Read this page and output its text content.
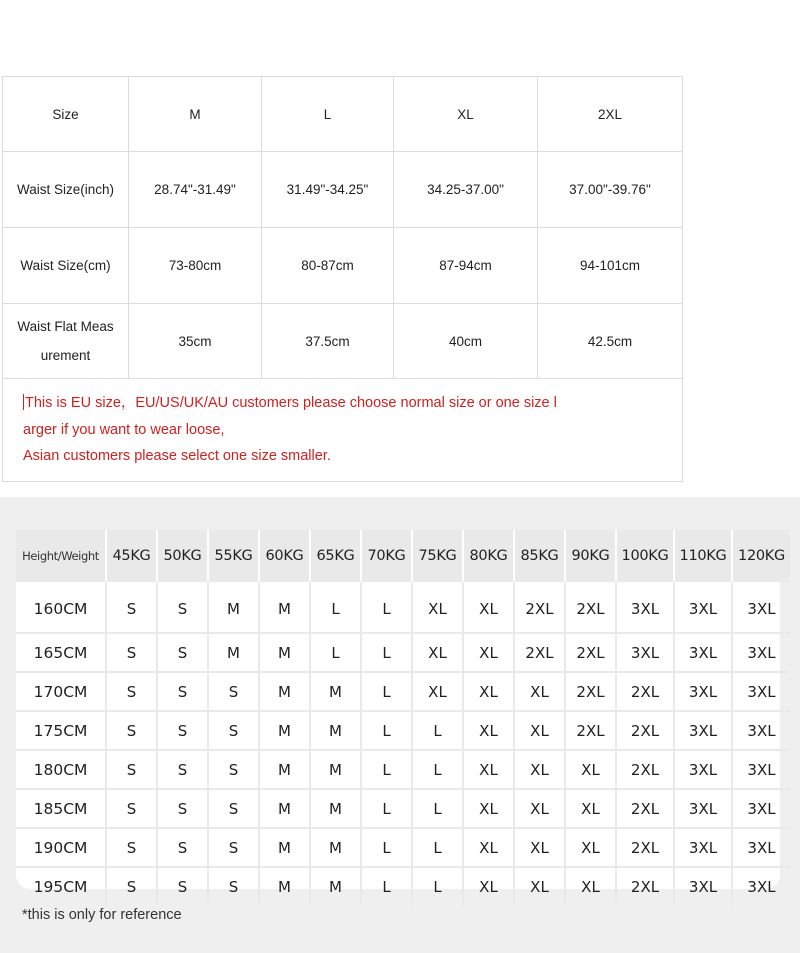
Size	M	L	XL	2XL
Waist Size(inch)	28.74"-31.49"	31.49"-34.25"	34.25-37.00"	37.00"-39.76"
Waist Size(cm)	73-80cm	80-87cm	87-94cm	94-101cm

Waist Flat Meas
urement	35cm	37.5cm	40cm	42.5cm

This is EU size，EU/US/UK/AU customers please choose normal size or one size l
arger if you want to wear loose,
Asian customers please select one size smaller.				
Height/Weight	45KG	50KG	55KG	60KG	65KG	70KG	75KG	80KG	85KG	90KG	100KG	110KG	120KG
160CM	S	S	M	M	L	L	XL	XL	2XL	2XL	3XL	3XL	3XL
165CM	S	S	M	M	L	L	XL	XL	2XL	2XL	3XL	3XL	3XL
170CM	S	S	S	M	M	L	XL	XL	XL	2XL	2XL	3XL	3XL
175CM	S	S	S	M	M	L	L	XL	XL	2XL	2XL	3XL	3XL
180CM	S	S	S	M	M	L	L	XL	XL	XL	2XL	3XL	3XL
185CM	S	S	S	M	M	L	L	XL	XL	XL	2XL	3XL	3XL
190CM	S	S	S	M	M	L	L	XL	XL	XL	2XL	3XL	3XL
195CM	S	S	S	M	M	L	L	XL	XL	XL	2XL	3XL	3XL
*this is only for reference
